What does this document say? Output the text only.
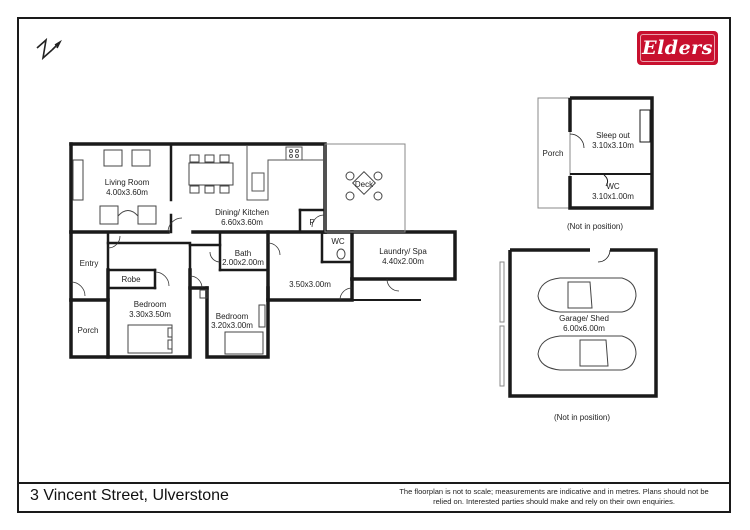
Elders
Living Room
4.00x3.60m
Dining/ Kitchen
6.60x3.60m	P
Deck
Bath
2.00x2.00m
WC
Laundry/ Spa
4.40x2.00m
Entry
Robe
Bedroom
3.30x3.50m	Bedroom
3.20x3.00m
3.50x3.00m
Porch
Porch
Sleep out
3.10x3.10m
WC
3.10x1.00m
(Not in position)
Garage/ Shed
6.00x6.00m
(Not in position)
3 Vincent Street, Ulverstone	The floorplan is not to scale; measurements are indicative and in metres. Plans should not be relied on. Interested parties should make and rely on their own enquiries.
